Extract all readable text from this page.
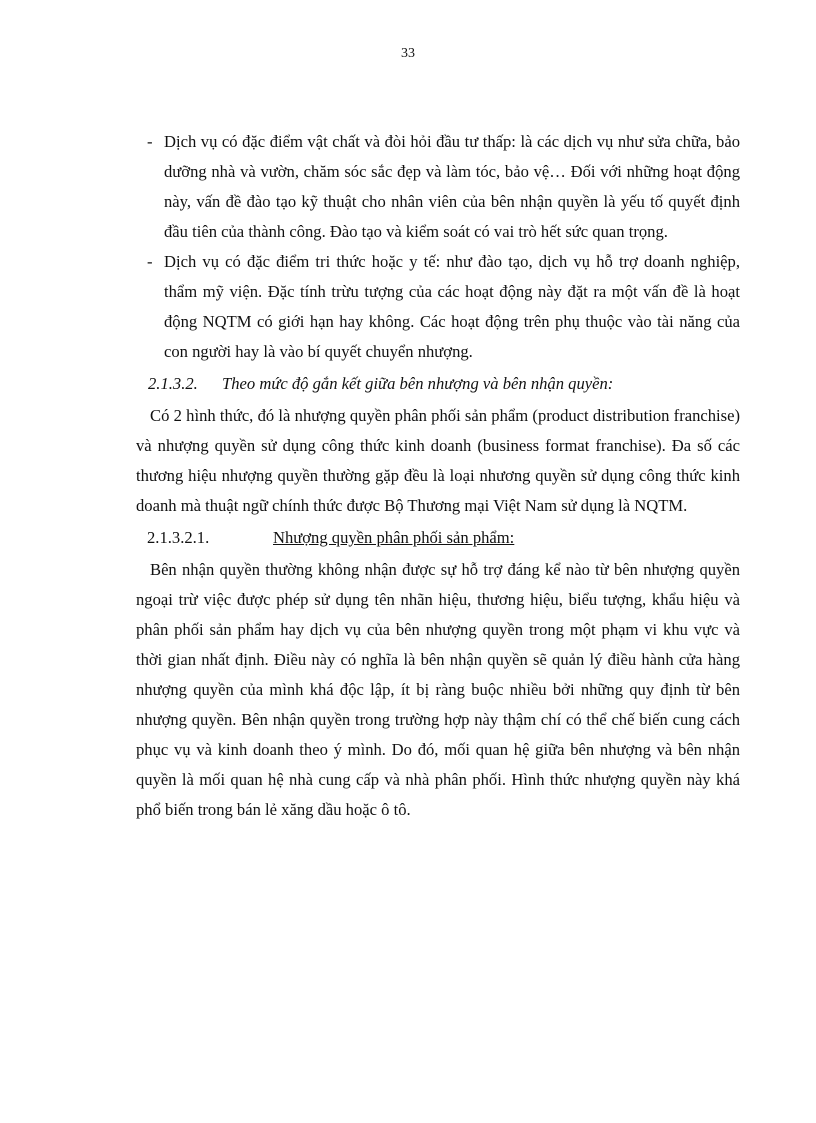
33
- Dịch vụ có đặc điểm vật chất và đòi hỏi đầu tư thấp: là các dịch vụ như sửa chữa, bảo dưỡng nhà và vườn, chăm sóc sắc đẹp và làm tóc, bảo vệ… Đối với những hoạt động này, vấn đề đào tạo kỹ thuật cho nhân viên của bên nhận quyền là yếu tố quyết định đầu tiên của thành công. Đào tạo và kiểm soát có vai trò hết sức quan trọng.
- Dịch vụ có đặc điểm tri thức hoặc y tế: như đào tạo, dịch vụ hỗ trợ doanh nghiệp, thẩm mỹ viện. Đặc tính trừu tượng của các hoạt động này đặt ra một vấn đề là hoạt động NQTM có giới hạn hay không. Các hoạt động trên phụ thuộc vào tài năng của con người hay là vào bí quyết chuyển nhượng.
2.1.3.2. Theo mức độ gắn kết giữa bên nhượng và bên nhận quyền:
Có 2 hình thức, đó là nhượng quyền phân phối sản phẩm (product distribution franchise) và nhượng quyền sử dụng công thức kinh doanh (business format franchise). Đa số các thương hiệu nhượng quyền thường gặp đều là loại nhương quyền sử dụng công thức kinh doanh mà thuật ngữ chính thức được Bộ Thương mại Việt Nam sử dụng là NQTM.
2.1.3.2.1.	Nhượng quyền phân phối sản phẩm:
Bên nhận quyền thường không nhận được sự hỗ trợ đáng kể nào từ bên nhượng quyền ngoại trừ việc được phép sử dụng tên nhãn hiệu, thương hiệu, biểu tượng, khẩu hiệu và phân phối sản phẩm hay dịch vụ của bên nhượng quyền trong một phạm vi khu vực và thời gian nhất định. Điều này có nghĩa là bên nhận quyền sẽ quản lý điều hành cửa hàng nhượng quyền của mình khá độc lập, ít bị ràng buộc nhiều bởi những quy định từ bên nhượng quyền. Bên nhận quyền trong trường hợp này thậm chí có thể chế biến cung cách phục vụ và kinh doanh theo ý mình. Do đó, mối quan hệ giữa bên nhượng và bên nhận quyền là mối quan hệ nhà cung cấp và nhà phân phối. Hình thức nhượng quyền này khá phổ biến trong bán lẻ xăng dầu hoặc ô tô.
